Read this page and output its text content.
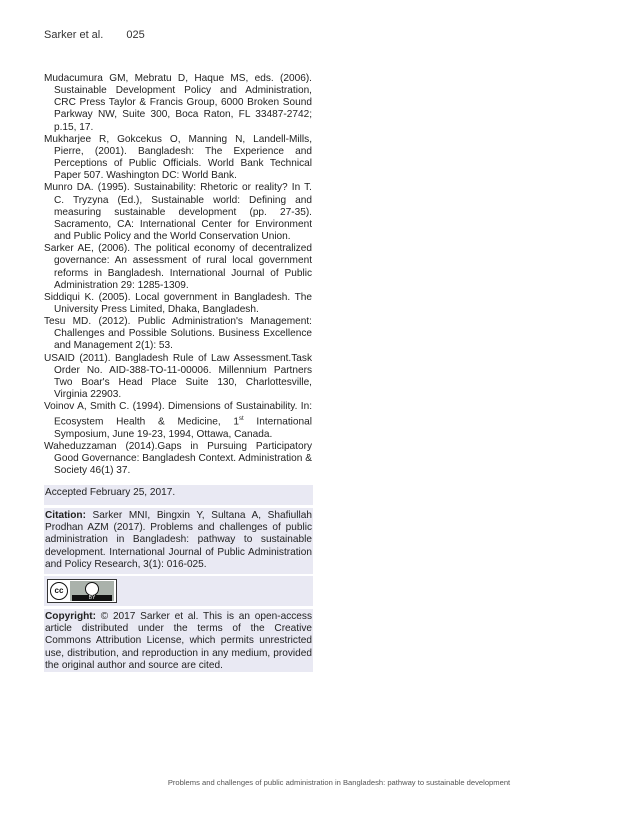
Sarker et al. 025
Mudacumura GM, Mebratu D, Haque MS, eds. (2006). Sustainable Development Policy and Administration, CRC Press Taylor & Francis Group, 6000 Broken Sound Parkway NW, Suite 300, Boca Raton, FL 33487-2742; p.15, 17.
Mukharjee R, Gokcekus O, Manning N, Landell-Mills, Pierre, (2001). Bangladesh: The Experience and Perceptions of Public Officials. World Bank Technical Paper 507. Washington DC: World Bank.
Munro DA. (1995). Sustainability: Rhetoric or reality? In T. C. Tryzyna (Ed.), Sustainable world: Defining and measuring sustainable development (pp. 27-35). Sacramento, CA: International Center for Environment and Public Policy and the World Conservation Union.
Sarker AE, (2006). The political economy of decentralized governance: An assessment of rural local government reforms in Bangladesh. International Journal of Public Administration 29: 1285-1309.
Siddiqui K. (2005). Local government in Bangladesh. The University Press Limited, Dhaka, Bangladesh.
Tesu MD. (2012). Public Administration's Management: Challenges and Possible Solutions. Business Excellence and Management 2(1): 53.
USAID (2011). Bangladesh Rule of Law Assessment.Task Order No. AID-388-TO-11-00006. Millennium Partners Two Boar's Head Place Suite 130, Charlottesville, Virginia 22903.
Voinov A, Smith C. (1994). Dimensions of Sustainability. In: Ecosystem Health & Medicine, 1st International Symposium, June 19-23, 1994, Ottawa, Canada.
Waheduzzaman (2014).Gaps in Pursuing Participatory Good Governance: Bangladesh Context. Administration & Society 46(1) 37.
Accepted February 25, 2017.
Citation: Sarker MNI, Bingxin Y, Sultana A, Shafiullah Prodhan AZM (2017). Problems and challenges of public administration in Bangladesh: pathway to sustainable development. International Journal of Public Administration and Policy Research, 3(1): 016-025.
cc
BY
Copyright: © 2017 Sarker et al. This is an open-access article distributed under the terms of the Creative Commons Attribution License, which permits unrestricted use, distribution, and reproduction in any medium, provided the original author and source are cited.
Problems and challenges of public administration in Bangladesh: pathway to sustainable development
